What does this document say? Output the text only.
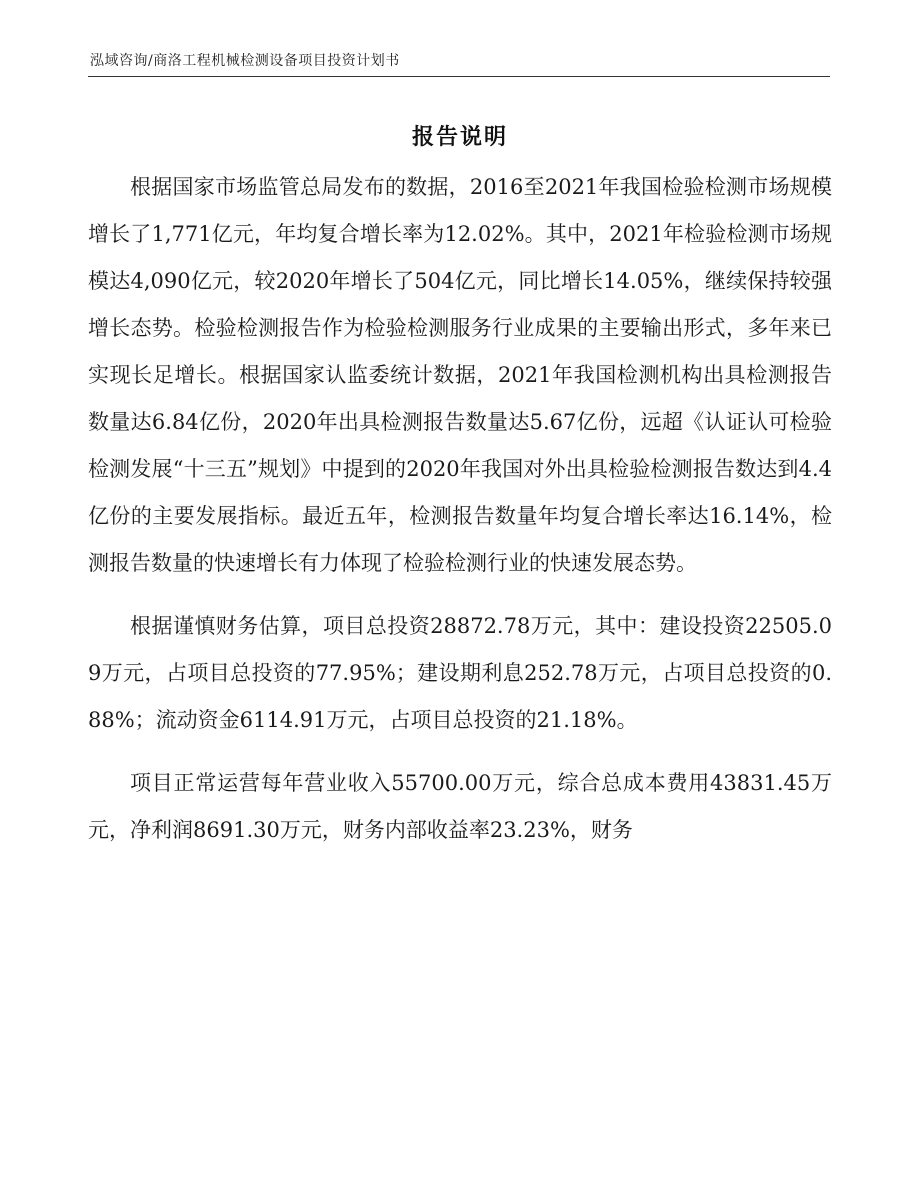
泓域咨询/商洛工程机械检测设备项目投资计划书
报告说明

根据国家市场监管总局发布的数据，2016至2021年我国检验检测市场规模增长了1,771亿元，年均复合增长率为12.02%。其中，2021年检验检测市场规模达4,090亿元，较2020年增长了504亿元，同比增长14.05%，继续保持较强增长态势。检验检测报告作为检验检测服务行业成果的主要输出形式，多年来已实现长足增长。根据国家认监委统计数据，2021年我国检测机构出具检测报告数量达6.84亿份，2020年出具检测报告数量达5.67亿份，远超《认证认可检验检测发展“十三五”规划》中提到的2020年我国对外出具检验检测报告数达到4.4亿份的主要发展指标。最近五年，检测报告数量年均复合增长率达16.14%，检测报告数量的快速增长有力体现了检验检测行业的快速发展态势。

根据谨慎财务估算，项目总投资28872.78万元，其中：建设投资22505.09万元，占项目总投资的77.95%；建设期利息252.78万元，占项目总投资的0.88%；流动资金6114.91万元，占项目总投资的21.18%。

项目正常运营每年营业收入55700.00万元，综合总成本费用43831.45万元，净利润8691.30万元，财务内部收益率23.23%，财务
